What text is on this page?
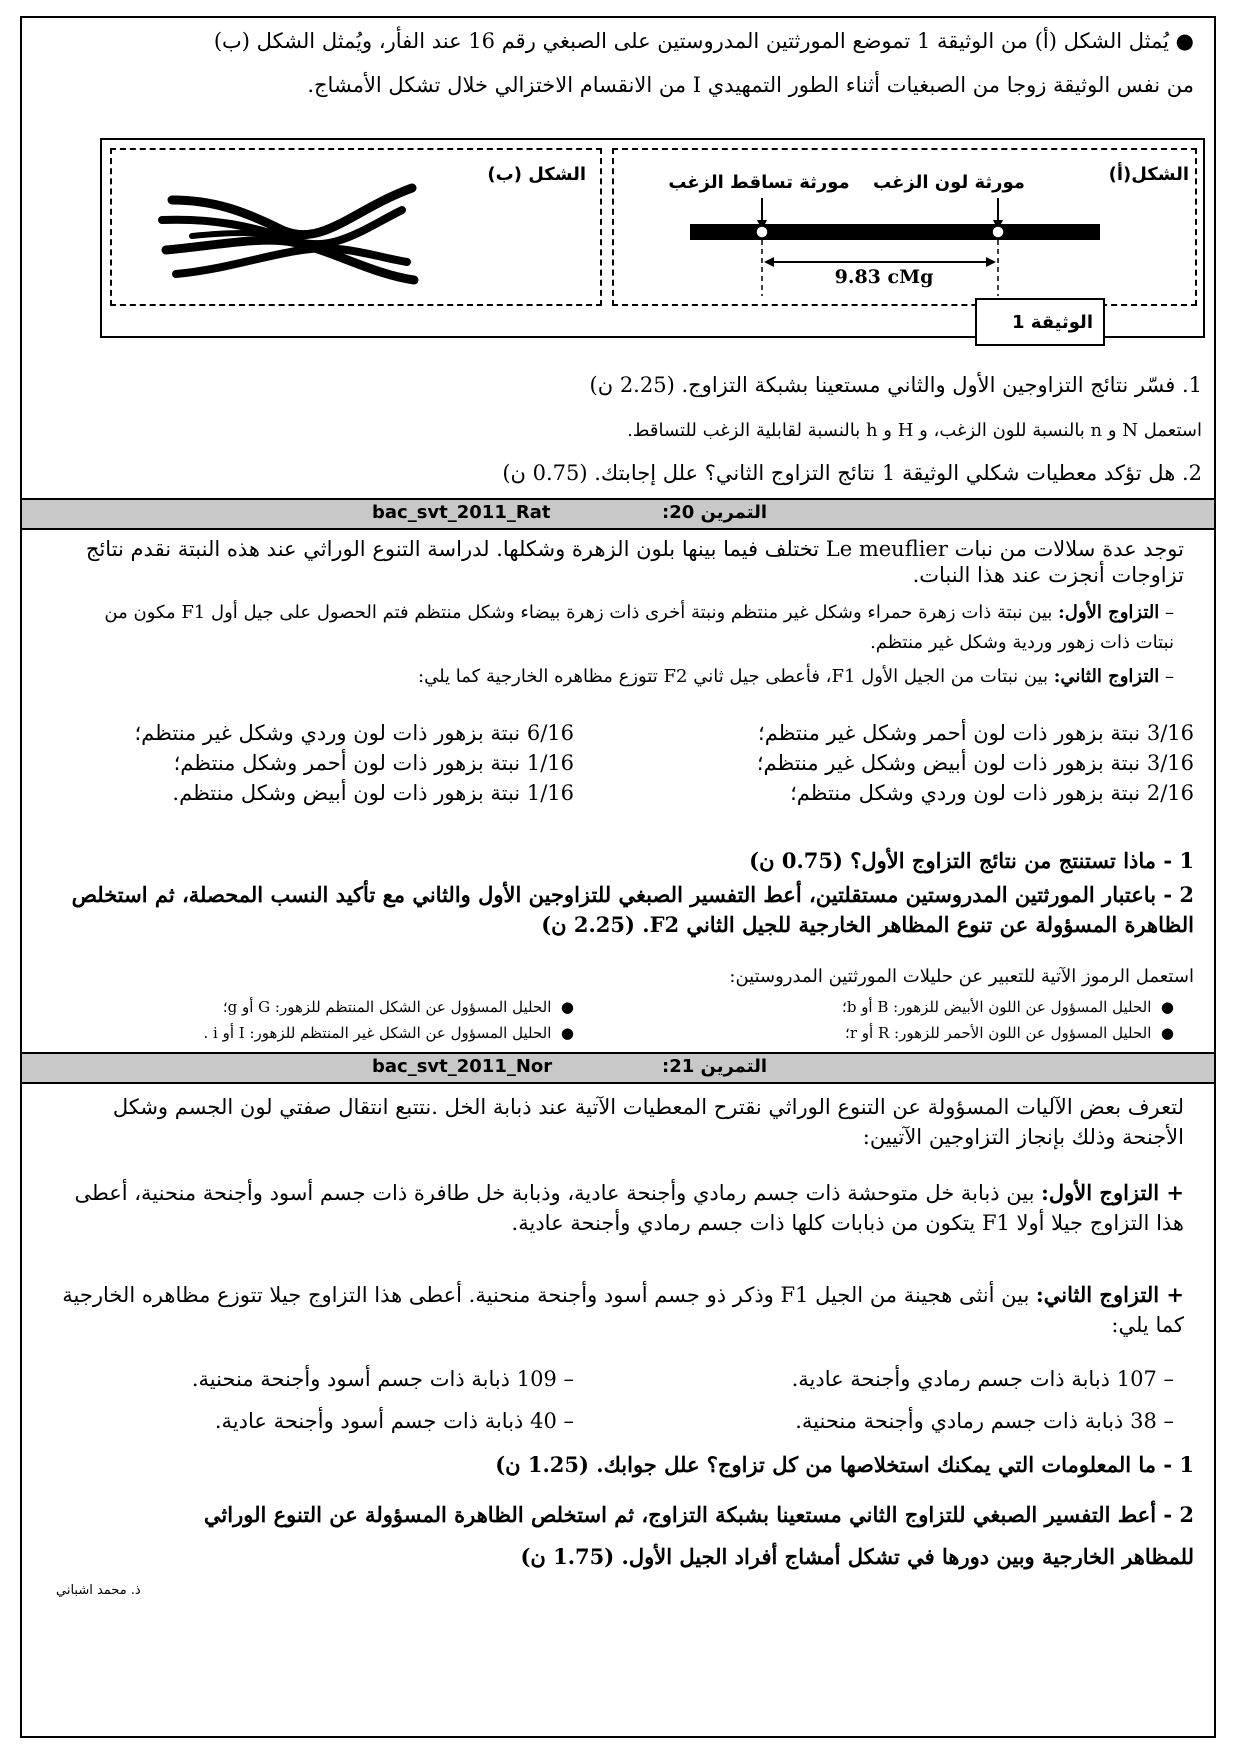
● يُمثل الشكل (أ) من الوثيقة 1 تموضع المورثتين المدروستين على الصبغي رقم 16 عند الفأر، ويُمثل الشكل (ب)
من نفس الوثيقة زوجا من الصبغيات أثناء الطور التمهيدي I من الانقسام الاختزالي خلال تشكل الأمشاج.
الشكل(أ)
مورثة لون الزغب
مورثة تساقط الزغب
9.83 cMg
الشكل (ب)
الوثيقة 1
1. فسّر نتائج التزاوجين الأول والثاني مستعينا بشبكة التزاوج. (2.25 ن)
استعمل N و n بالنسبة للون الزغب، و H و h بالنسبة لقابلية الزغب للتساقط.
2. هل تؤكد معطيات شكلي الوثيقة 1 نتائج التزاوج الثاني؟ علل إجابتك. (0.75 ن)
التمرين 20:
bac_svt_2011_Rat
توجد عدة سلالات من نبات Le meuflier تختلف فيما بينها بلون الزهرة وشكلها. لدراسة التنوع الوراثي عند هذه النبتة نقدم نتائج تزاوجات أنجزت عند هذا النبات.
– التزاوج الأول: بين نبتة ذات زهرة حمراء وشكل غير منتظم ونبتة أخرى ذات زهرة بيضاء وشكل منتظم فتم الحصول على جيل أول F1 مكون من نبتات ذات زهور وردية وشكل غير منتظم.
– التزاوج الثاني: بين نبتات من الجيل الأول F1، فأعطى جيل ثاني F2 تتوزع مظاهره الخارجية كما يلي:
3/16 نبتة بزهور ذات لون أحمر وشكل غير منتظم؛
3/16 نبتة بزهور ذات لون أبيض وشكل غير منتظم؛
2/16 نبتة بزهور ذات لون وردي وشكل منتظم؛
6/16 نبتة بزهور ذات لون وردي وشكل غير منتظم؛
1/16 نبتة بزهور ذات لون أحمر وشكل منتظم؛
1/16 نبتة بزهور ذات لون أبيض وشكل منتظم.
1 - ماذا تستنتج من نتائج التزاوج الأول؟ (0.75 ن)
2 - باعتبار المورثتين المدروستين مستقلتين، أعط التفسير الصبغي للتزاوجين الأول والثاني مع تأكيد النسب المحصلة، ثم استخلص الظاهرة المسؤولة عن تنوع المظاهر الخارجية للجيل الثاني F2. (2.25 ن)
استعمل الرموز الآتية للتعبير عن حليلات المورثتين المدروستين:
●  الحليل المسؤول عن اللون الأبيض للزهور: B أو b؛
●  الحليل المسؤول عن اللون الأحمر للزهور: R أو r؛
●  الحليل المسؤول عن الشكل المنتظم للزهور: G أو g؛
●  الحليل المسؤول عن الشكل غير المنتظم للزهور: I أو i .
التمرين 21:
bac_svt_2011_Nor
لتعرف بعض الآليات المسؤولة عن التنوع الوراثي نقترح المعطيات الآتية عند ذبابة الخل .نتتبع انتقال صفتي لون الجسم وشكل الأجنحة وذلك بإنجاز التزاوجين الآتيين:
+ التزاوج الأول: بين ذبابة خل متوحشة ذات جسم رمادي وأجنحة عادية، وذبابة خل طافرة ذات جسم أسود وأجنحة منحنية، أعطى هذا التزاوج جيلا أولا F1 يتكون من ذبابات كلها ذات جسم رمادي وأجنحة عادية.
+ التزاوج الثاني: بين أنثى هجينة من الجيل F1 وذكر ذو جسم أسود وأجنحة منحنية. أعطى هذا التزاوج جيلا تتوزع مظاهره الخارجية كما يلي:
– 107 ذبابة ذات جسم رمادي وأجنحة عادية.
– 38 ذبابة ذات جسم رمادي وأجنحة منحنية.
– 109 ذبابة ذات جسم أسود وأجنحة منحنية.
– 40 ذبابة ذات جسم أسود وأجنحة عادية.
1 - ما المعلومات التي يمكنك استخلاصها من كل تزاوج؟ علل جوابك. (1.25 ن)
2 - أعط التفسير الصبغي للتزاوج الثاني مستعينا بشبكة التزاوج، ثم استخلص الظاهرة المسؤولة عن التنوع الوراثي للمظاهر الخارجية وبين دورها في تشكل أمشاج أفراد الجيل الأول. (1.75 ن)
ذ. محمد اشباني
